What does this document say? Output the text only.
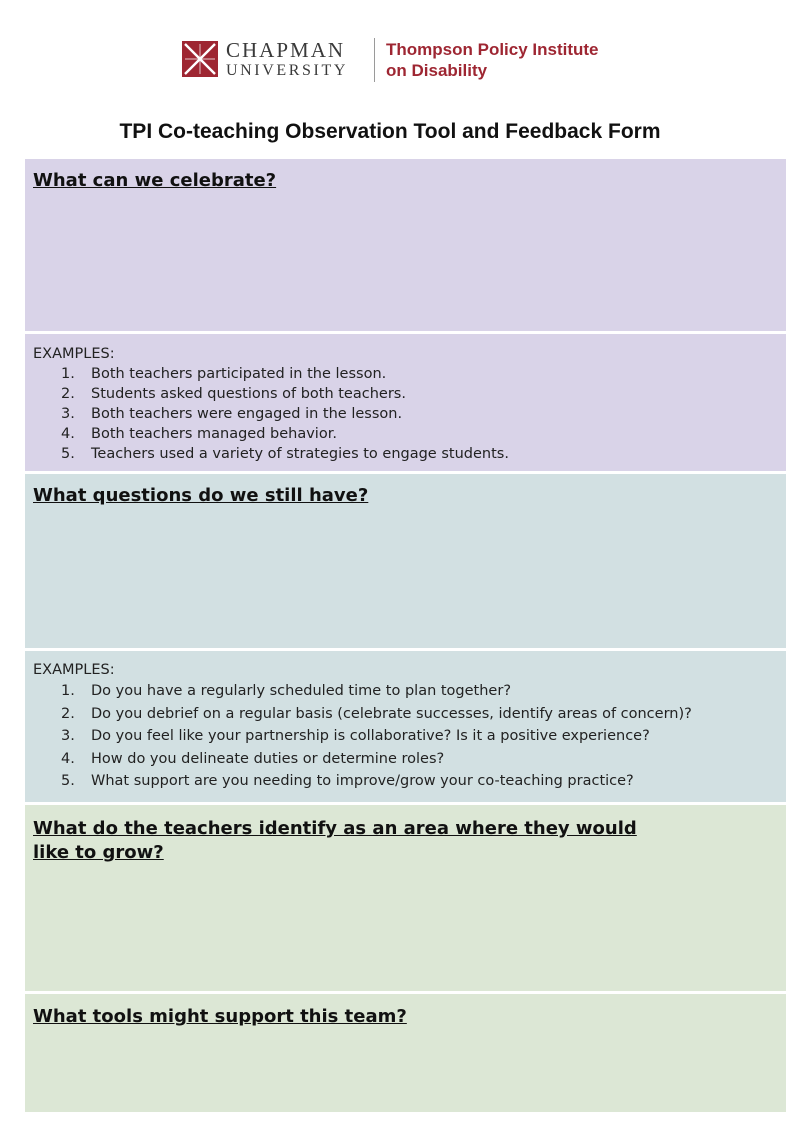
CHAPMAN
UNIVERSITY
Thompson Policy Institute
on Disability
TPI Co-teaching Observation Tool and Feedback Form
What can we celebrate?
EXAMPLES:
1. Both teachers participated in the lesson.
2. Students asked questions of both teachers.
3. Both teachers were engaged in the lesson.
4. Both teachers managed behavior.
5. Teachers used a variety of strategies to engage students.
What questions do we still have?
EXAMPLES:
1. Do you have a regularly scheduled time to plan together?
2. Do you debrief on a regular basis (celebrate successes, identify areas of concern)?
3. Do you feel like your partnership is collaborative? Is it a positive experience?
4. How do you delineate duties or determine roles?
5. What support are you needing to improve/grow your co-teaching practice?
What do the teachers identify as an area where they would
like to grow?
What tools might support this team?
